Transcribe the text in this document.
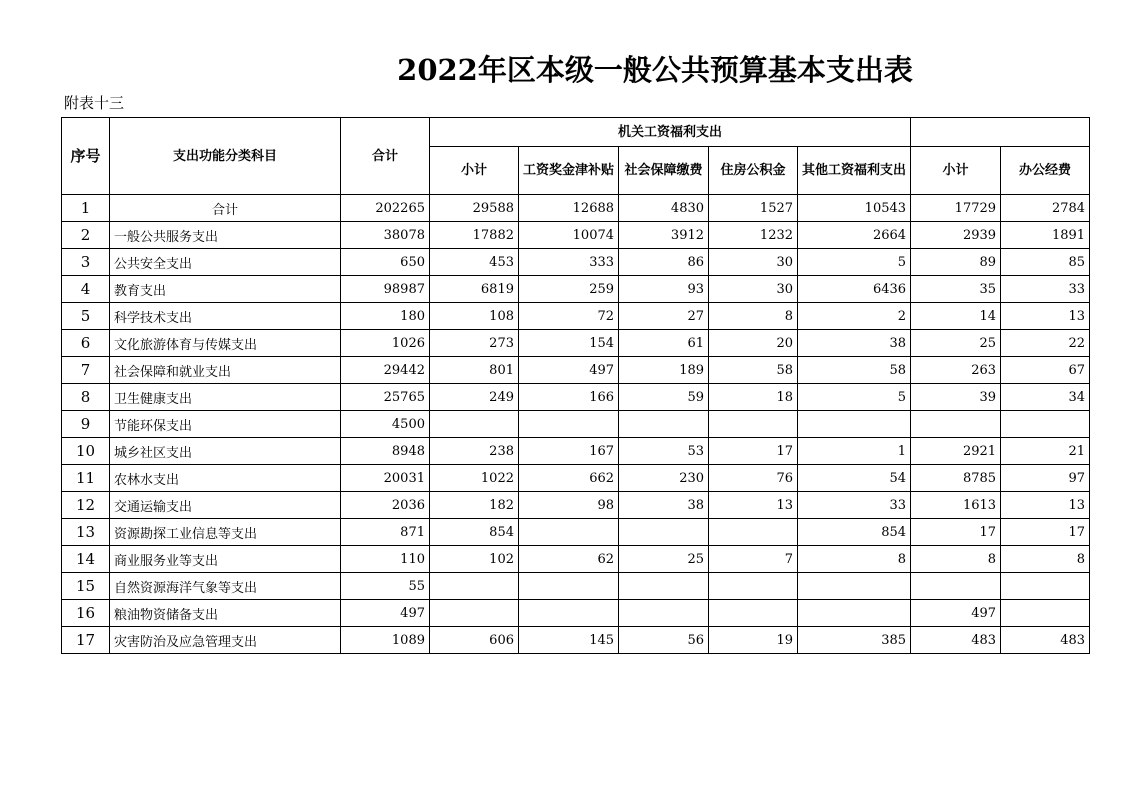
2022年区本级一般公共预算基本支出表
附表十三
序号	支出功能分类科目	合计	机关工资福利支出						
			小计	工资奖金津补贴	社会保障缴费	住房公积金	其他工资福利支出	小计	办公经费
1	合计	202265	29588	12688	4830	1527	10543	17729	2784
2	一般公共服务支出	38078	17882	10074	3912	1232	2664	2939	1891
3	公共安全支出	650	453	333	86	30	5	89	85
4	教育支出	98987	6819	259	93	30	6436	35	33
5	科学技术支出	180	108	72	27	8	2	14	13
6	文化旅游体育与传媒支出	1026	273	154	61	20	38	25	22
7	社会保障和就业支出	29442	801	497	189	58	58	263	67
8	卫生健康支出	25765	249	166	59	18	5	39	34
9	节能环保支出	4500							
10	城乡社区支出	8948	238	167	53	17	1	2921	21
11	农林水支出	20031	1022	662	230	76	54	8785	97
12	交通运输支出	2036	182	98	38	13	33	1613	13
13	资源勘探工业信息等支出	871	854				854	17	17
14	商业服务业等支出	110	102	62	25	7	8	8	8
15	自然资源海洋气象等支出	55							
16	粮油物资储备支出	497						497	
17	灾害防治及应急管理支出	1089	606	145	56	19	385	483	483
